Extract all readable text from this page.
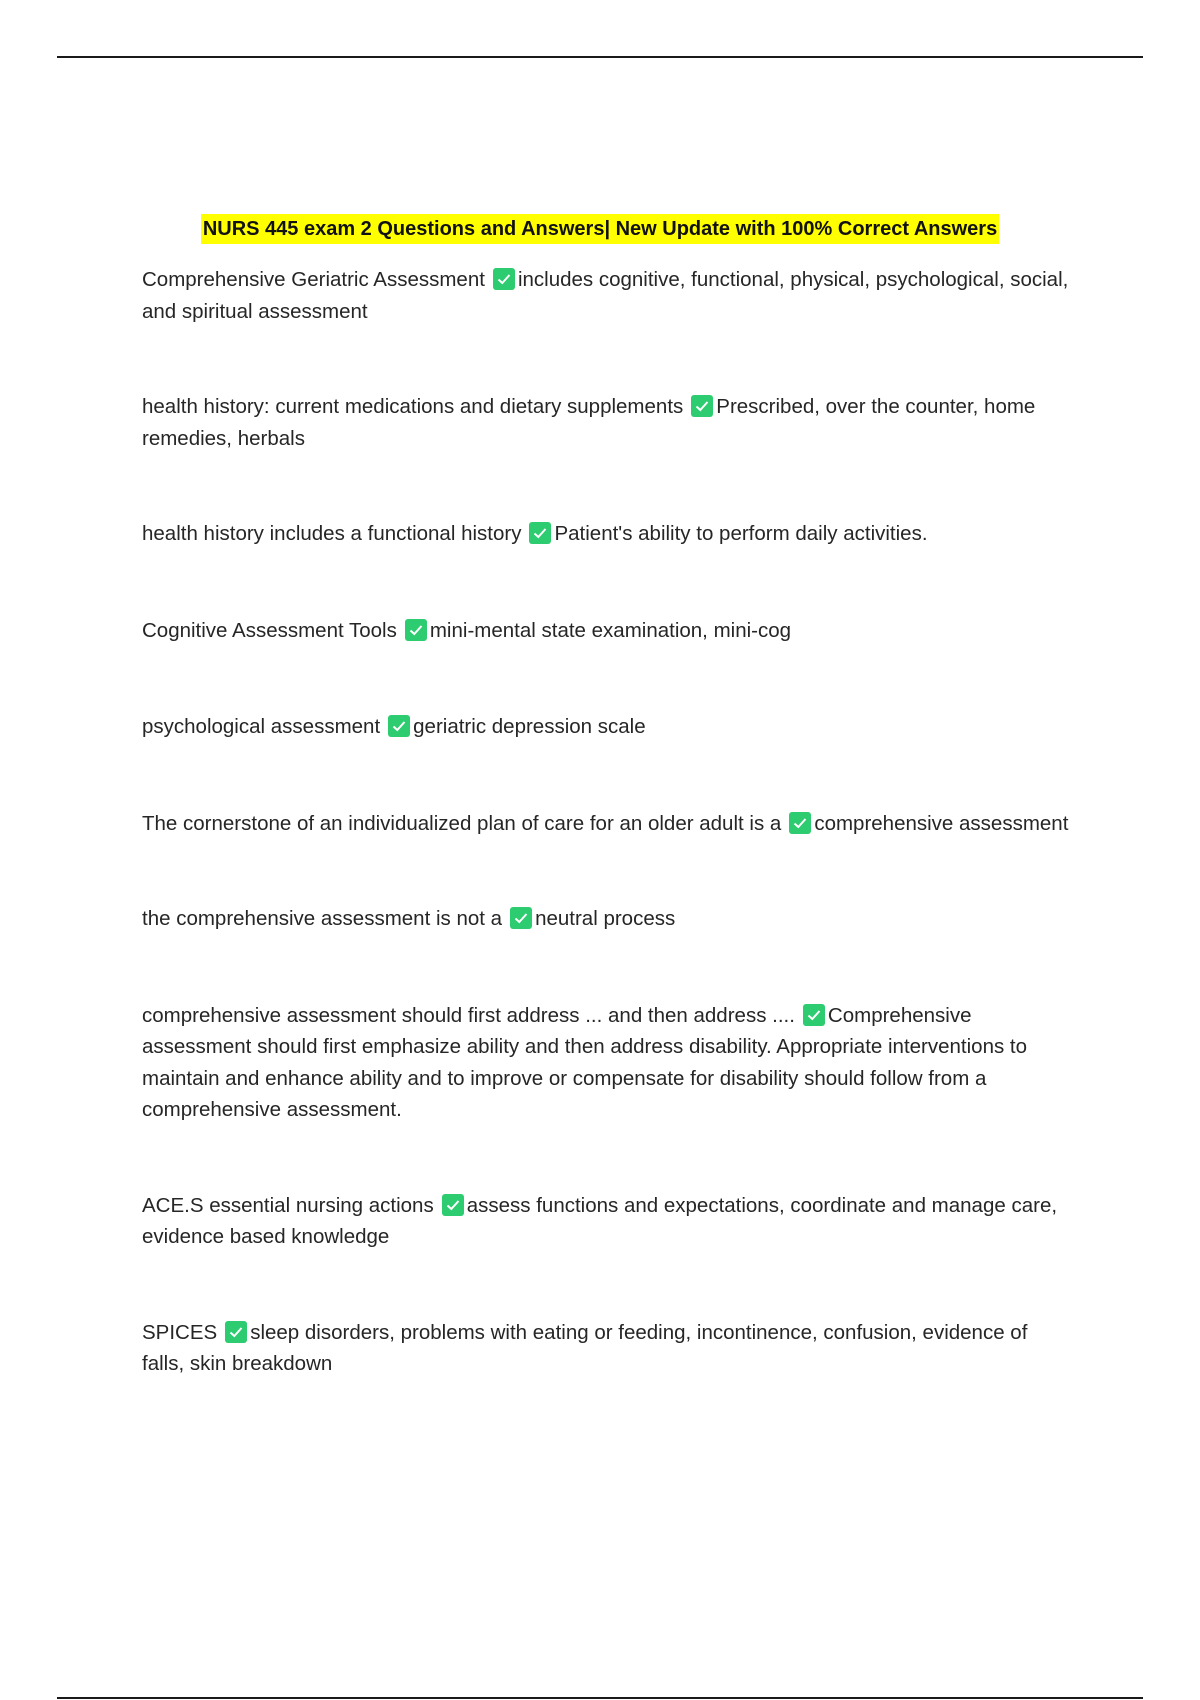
NURS 445 exam 2 Questions and Answers| New Update with 100% Correct Answers

Comprehensive Geriatric Assessment includes cognitive, functional, physical, psychological, social, and spiritual assessment

health history: current medications and dietary supplements Prescribed, over the counter, home remedies, herbals

health history includes a functional history Patient's ability to perform daily activities.

Cognitive Assessment Tools mini-mental state examination, mini-cog

psychological assessment geriatric depression scale

The cornerstone of an individualized plan of care for an older adult is a comprehensive assessment

the comprehensive assessment is not a neutral process

comprehensive assessment should first address ... and then address .... Comprehensive assessment should first emphasize ability and then address disability. Appropriate interventions to maintain and enhance ability and to improve or compensate for disability should follow from a comprehensive assessment.

ACE.S essential nursing actions assess functions and expectations, coordinate and manage care, evidence based knowledge

SPICES sleep disorders, problems with eating or feeding, incontinence, confusion, evidence of falls, skin breakdown
